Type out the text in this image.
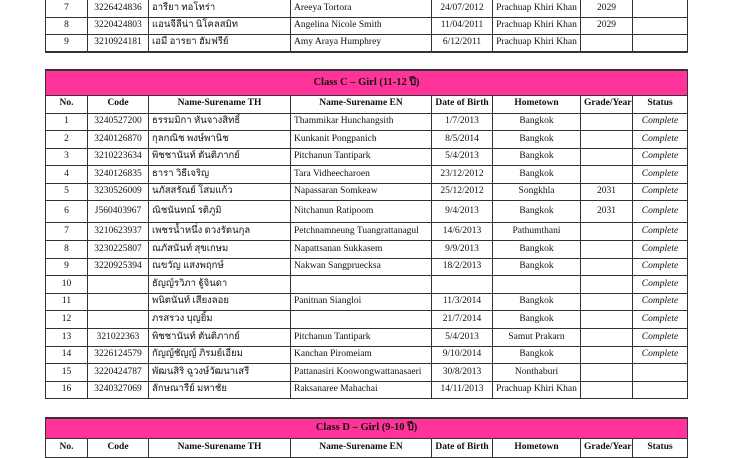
7	3226424836	อารียา ทอโทร่า	Areeya Tortora	24/07/2012	Prachuap Khiri Khan	2029	
8	3220424803	แอนจีลีน่า นิโคลสมิท	Angelina Nicole Smith	11/04/2011	Prachuap Khiri Khan	2029	
9	3210924181	เอมี่ อารยา ฮัมฟรีย์	Amy Araya Humphrey	6/12/2011	Prachuap Khiri Khan		
Class C – Girl (11-12 ปี)							
No.	Code	Name-Surename TH	Name-Surename EN	Date of Birth	Hometown	Grade/Year	Status
1	3240527200	ธรรมมิกา หันจางสิทธิ์	Thammikar Hunchangsith	1/7/2013	Bangkok		Complete
2	3240126870	กุลกณิช พงษ์พานิช	Kunkanit Pongpanich	8/5/2014	Bangkok		Complete
3	3210223634	พิชชานันท์ ตันติภากย์	Pitchanun Tantipark	5/4/2013	Bangkok		Complete
4	3240126835	ธารา วิธีเจริญ	Tara Vidheecharoen	23/12/2012	Bangkok		Complete
5	3230526009	นภัสสรัณย์ โสมแก้ว	Napassaran Somkeaw	25/12/2012	Songkhla	2031	Complete
6	J560403967	ณิชนันทณ์ รติภูมิ	Nitchanun Ratipoom	9/4/2013	Bangkok	2031	Complete
7	3210623937	เพชรน้ำหนึ่ง ดวงรัตนกุล	Petchnamneung Tuangrattanagul	14/6/2013	Pathumthani		Complete
8	3230225807	ณภัสนันท์ สุขเกษม	Napattsanan Sukkasem	9/9/2013	Bangkok		Complete
9	3220925394	ณขวัญ แสงพฤกษ์	Nakwan Sangpruecksa	18/2/2013	Bangkok		Complete
10		ธัญญ์รวิภา ฐู้จินดา					Complete
11		พนิตนันท์ เสียงลอย	Panitnan Siangloi	11/3/2014	Bangkok		Complete
12		ภรสรวง บุญยิ้ม		21/7/2014	Bangkok		Complete
13	321022363	พิชชานันท์ ตันติภากย์	Pitchanun Tantipark	5/4/2013	Samut Prakarn		Complete
14	3226124579	กัญญ์ชัญญ์ ภิรมย์เอี่ยม	Kanchan Piromeiam	9/10/2014	Bangkok		Complete
15	3220424787	พัฒนสิริ ฉูวงษ์วัฒนาเสรี	Pattanasiri Koowongwattanasaeri	30/8/2013	Nonthaburi		
16	3240327069	ลักษณารีย์ มหาชัย	Raksanaree Mahachai	14/11/2013	Prachuap Khiri Khan		
Class D – Girl (9-10 ปี)
No.	Code	Name-Surename TH	Name-Surename EN	Date of Birth	Hometown	Grade/Year	Status
